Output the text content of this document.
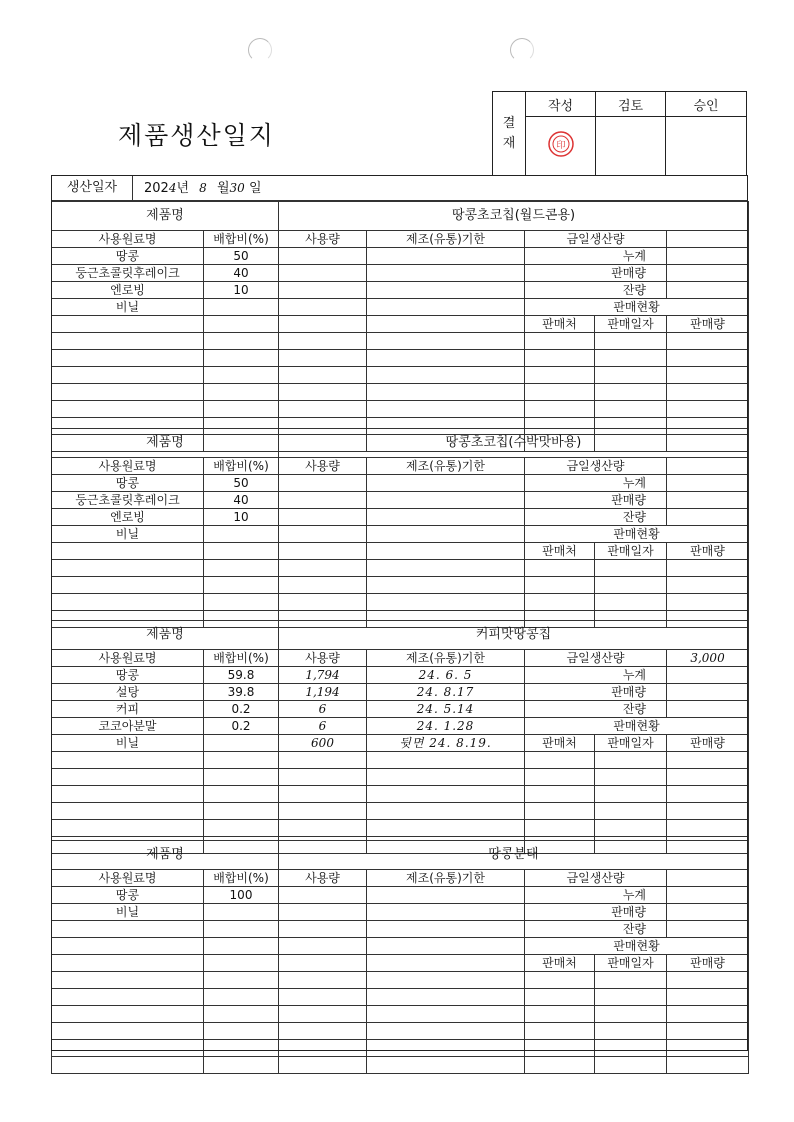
제품생산일지	결
재	작성	검토	승인

印		

생산일자	2024년 8 월30 일
제품명		땅콩초코칩(월드콘용)				
사용원료명	배합비(%)	사용량	제조(유통)기한	금일생산량		
땅콩	50			누계		
둥근초콜릿후레이크	40			판매량		
엔로빙	10			잔량		
비닐				판매현황		
				판매처	판매일자	판매량

제품명		땅콩초코칩(수박맛바용)				
사용원료명	배합비(%)	사용량	제조(유통)기한	금일생산량		
땅콩	50			누계		
둥근초콜릿후레이크	40			판매량		
엔로빙	10			잔량		
비닐				판매현황		
				판매처	판매일자	판매량

제품명		커피맛땅콩칩				
사용원료명	배합비(%)	사용량	제조(유통)기한	금일생산량		3,000
땅콩	59.8	1,794	24. 6. 5	누계		
설탕	39.8	1,194	24. 8.17	판매량		
커피	0.2	6	24. 5.14	잔량		
코코아분말	0.2	6	24. 1.28	판매현황		
비닐		600	뒷면 24. 8.19.	판매처	판매일자	판매량

제품명		땅콩분태				
사용원료명	배합비(%)	사용량	제조(유통)기한	금일생산량		
땅콩	100			누계		
비닐				판매량		
				잔량		
				판매현황		
				판매처	판매일자	판매량
